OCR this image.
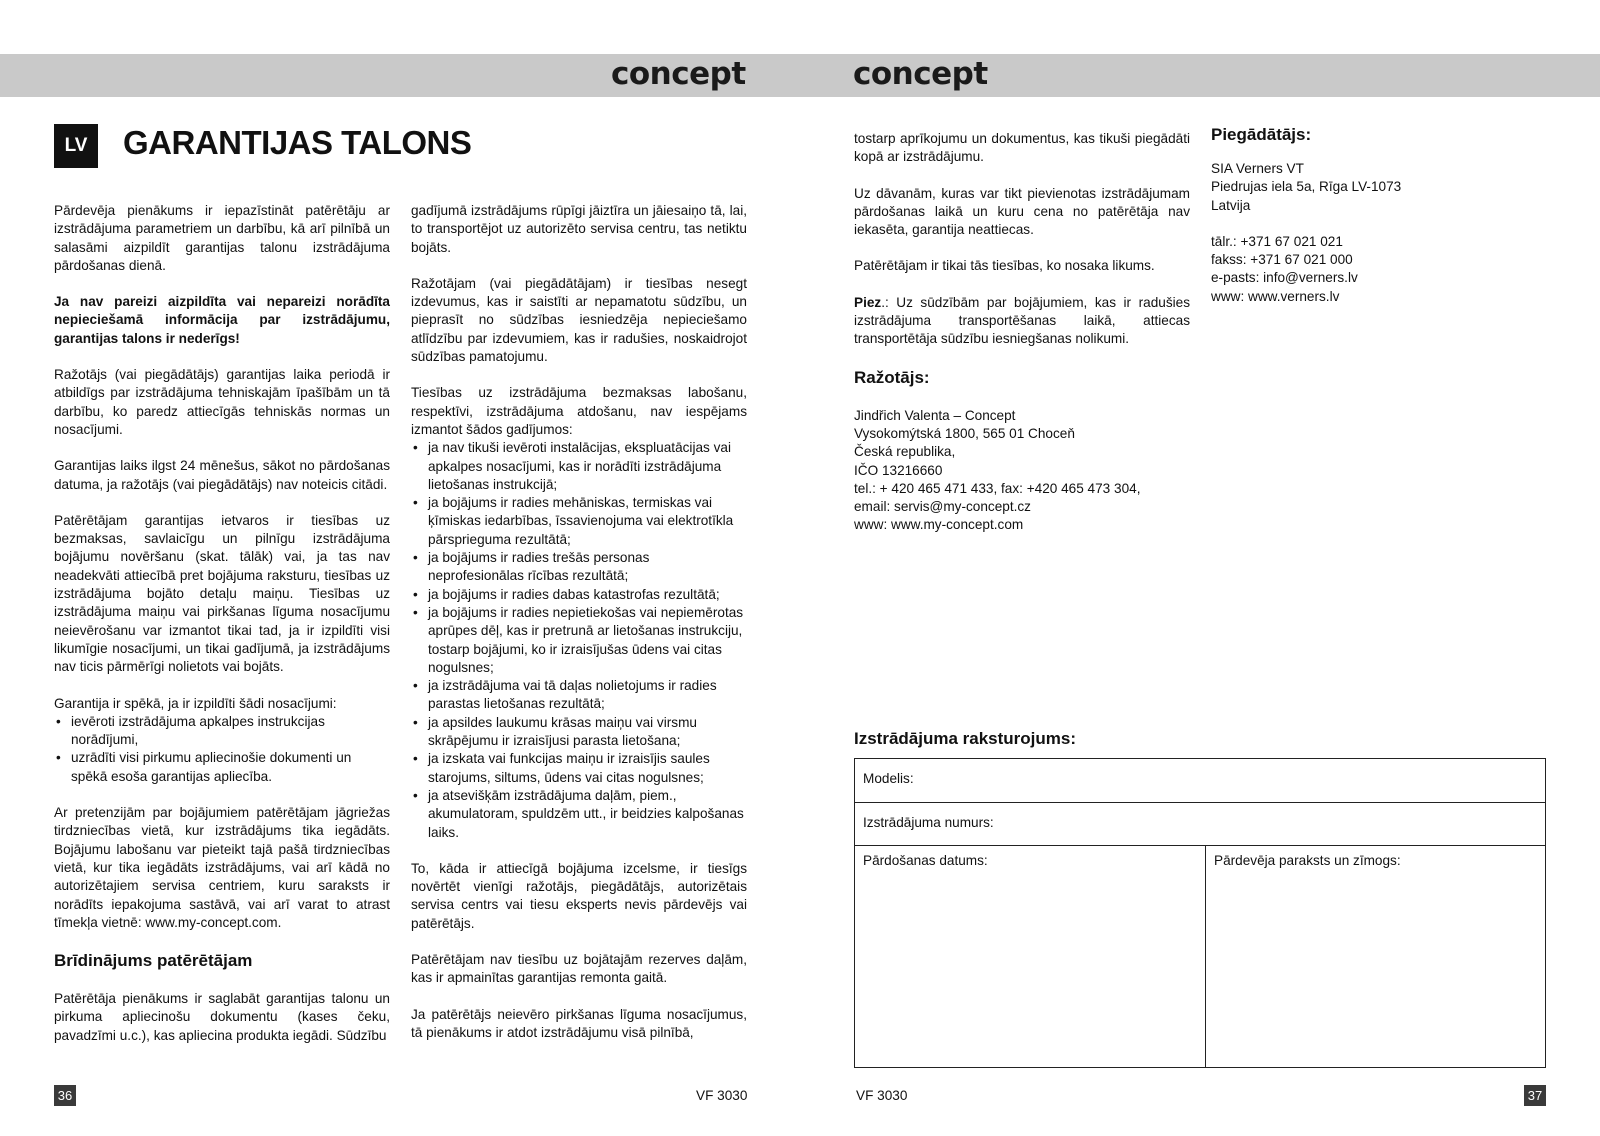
concept	concept
LV	GARANTIJAS TALONS

Pārdevēja pienākums ir iepazīstināt patērētāju ar izstrādājuma parametriem un darbību, kā arī pilnībā un salasāmi aizpildīt garantijas talonu izstrādājuma pārdošanas dienā.

Ja nav pareizi aizpildīta vai nepareizi norādīta nepieciešamā informācija par izstrādājumu, garantijas talons ir nederīgs!

Ražotājs (vai piegādātājs) garantijas laika periodā ir atbildīgs par izstrādājuma tehniskajām īpašībām un tā darbību, ko paredz attiecīgās tehniskās normas un nosacījumi.

Garantijas laiks ilgst 24 mēnešus, sākot no pārdošanas datuma, ja ražotājs (vai piegādātājs) nav noteicis citādi.

Patērētājam garantijas ietvaros ir tiesības uz bezmaksas, savlaicīgu un pilnīgu izstrādājuma bojājumu novēršanu (skat. tālāk) vai, ja tas nav neadekvāti attiecībā pret bojājuma raksturu, tiesības uz izstrādājuma bojāto detaļu maiņu. Tiesības uz izstrādājuma maiņu vai pirkšanas līguma nosacījumu neievērošanu var izmantot tikai tad, ja ir izpildīti visi likumīgie nosacījumi, un tikai gadījumā, ja izstrādājums nav ticis pārmērīgi nolietots vai bojāts.

Garantija ir spēkā, ja ir izpildīti šādi nosacījumi:

• ievēroti izstrādājuma apkalpes instrukcijas norādījumi,
• uzrādīti visi pirkumu apliecinošie dokumenti un spēkā esoša garantijas apliecība.

Ar pretenzijām par bojājumiem patērētājam jāgriežas tirdzniecības vietā, kur izstrādājums tika iegādāts. Bojājumu labošanu var pieteikt tajā pašā tirdzniecības vietā, kur tika iegādāts izstrādājums, vai arī kādā no autorizētajiem servisa centriem, kuru saraksts ir norādīts iepakojuma sastāvā, vai arī varat to atrast tīmekļa vietnē: www.my-concept.com.

Brīdinājums patērētājam

Patērētāja pienākums ir saglabāt garantijas talonu un pirkuma apliecinošu dokumentu (kases čeku, pavadzīmi u.c.), kas apliecina produkta iegādi. Sūdzību

gadījumā izstrādājums rūpīgi jāiztīra un jāiesaiņo tā, lai, to transportējot uz autorizēto servisa centru, tas netiktu bojāts.

Ražotājam (vai piegādātājam) ir tiesības nesegt izdevumus, kas ir saistīti ar nepamatotu sūdzību, un pieprasīt no sūdzības iesniedzēja nepieciešamo atlīdzību par izdevumiem, kas ir radušies, noskaidrojot sūdzības pamatojumu.

Tiesības uz izstrādājuma bezmaksas labošanu, respektīvi, izstrādājuma atdošanu, nav iespējams izmantot šādos gadījumos:

• ja nav tikuši ievēroti instalācijas, ekspluatācijas vai apkalpes nosacījumi, kas ir norādīti izstrādājuma lietošanas instrukcijā;
• ja bojājums ir radies mehāniskas, termiskas vai ķīmiskas iedarbības, īssavienojuma vai elektrotīkla pārsprieguma rezultātā;
• ja bojājums ir radies trešās personas neprofesionālas rīcības rezultātā;
• ja bojājums ir radies dabas katastrofas rezultātā;
• ja bojājums ir radies nepietiekošas vai nepiemērotas aprūpes dēļ, kas ir pretrunā ar lietošanas instrukciju, tostarp bojājumi, ko ir izraisījušas ūdens vai citas nogulsnes;
• ja izstrādājuma vai tā daļas nolietojums ir radies parastas lietošanas rezultātā;
• ja apsildes laukumu krāsas maiņu vai virsmu skrāpējumu ir izraisījusi parasta lietošana;
• ja izskata vai funkcijas maiņu ir izraisījis saules starojums, siltums, ūdens vai citas nogulsnes;
• ja atsevišķām izstrādājuma daļām, piem., akumulatoram, spuldzēm utt., ir beidzies kalpošanas laiks.

To, kāda ir attiecīgā bojājuma izcelsme, ir tiesīgs novērtēt vienīgi ražotājs, piegādātājs, autorizētais servisa centrs vai tiesu eksperts nevis pārdevējs vai patērētājs.

Patērētājam nav tiesību uz bojātajām rezerves daļām, kas ir apmainītas garantijas remonta gaitā.

Ja patērētājs neievēro pirkšanas līguma nosacījumus, tā pienākums ir atdot izstrādājumu visā pilnībā,

tostarp aprīkojumu un dokumentus, kas tikuši piegādāti kopā ar izstrādājumu.

Uz dāvanām, kuras var tikt pievienotas izstrādājumam pārdošanas laikā un kuru cena no patērētāja nav iekasēta, garantija neattiecas.

Patērētājam ir tikai tās tiesības, ko nosaka likums.

Piez.: Uz sūdzībām par bojājumiem, kas ir radušies izstrādājuma transportēšanas laikā, attiecas transportētāja sūdzību iesniegšanas nolikumi.

Ražotājs:
Jindřich Valenta – Concept
Vysokomýtská 1800, 565 01 Choceň
Česká republika,
IČO 13216660
tel.: + 420 465 471 433, fax: +420 465 473 304,
email: servis@my-concept.cz
www: www.my-concept.com
Piegādātājs:
SIA Verners VT
Piedrujas iela 5a, Rīga LV-1073
Latvija
tālr.: +371 67 021 021
fakss: +371 67 021 000
e-pasts: info@verners.lv
www: www.verners.lv
Izstrādājuma raksturojums:
Modelis:
Izstrādājuma numurs:
Pārdošanas datums:	Pārdevēja paraksts un zīmogs:
36	VF 3030	VF 3030	37
